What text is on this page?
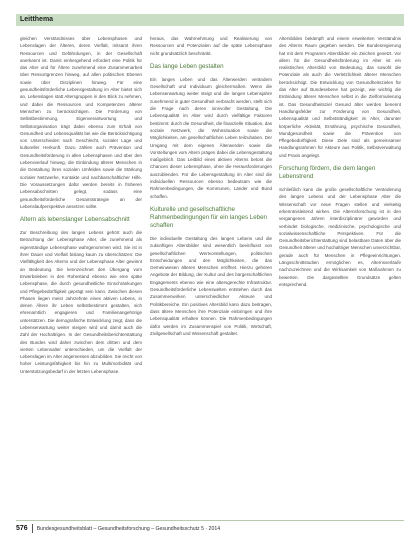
Leitthema

gleichen Verständnisses über Lebensphasen und Lebenslagen der Älteren, deren Vielfalt, mitsamt ihren Ressourcen und Gefährdungen, in der Gesellschaft anerkannt ist. Damit einhergehend erfordert eine Politik für das Alter und für Ältere zunehmend eine Zusammenarbeit über Ressortgrenzen hinweg, auf allen politischen Ebenen sowie über Disziplinen hinweg. Für eine gesundheitsförderliche Lebensgestaltung im Alter bietet sich an, Lebenslagen statt Altersgruppen in den Blick zu nehmen, und dabei die Ressourcen und Kompetenzen älterer Menschen zu berücksichtigen. Die Förderung von Selbstbestimmung, Eigenverantwortung und Selbstorganisation trägt dabei ebenso zum Erhalt von Gesundheit und Lebensqualität bei wie die Berücksichtigung von Unterschieden nach Geschlecht, sozialer Lage und kultureller Herkunft. Dazu zählen auch Prävention und Gesundheitsförderung in allen Lebensphasen und über den Lebensverlauf hinweg, die Einbindung älterer Menschen in die Gestaltung ihres sozialen Umfeldes sowie die Stärkung sozialer Netzwerke, Kontakte und nachbarschaftlicher Hilfe. Die Voraussetzungen dafür werden bereits in früheren Lebensabschnitten gelegt, sodass eine gesundheitsförderliche Gesamtstrategie an der Lebenslaufperspektive ansetzen sollte.

Altern als lebenslanger Lebensabschnitt

Zur Beschreibung des langen Lebens gehört auch die Betrachtung der Lebensphase Alter, die zunehmend als eigenständige Lebensphase wahrgenommen wird. Sie ist in ihrer Dauer und Vielfalt bislang kaum zu überschätzen: Die Vielfältigkeit des Alterns und der Lebensphase Alter gewinnt an Bedeutung. Sie kennzeichnet den Übergang vom Erwerbsleben in den Ruhestand ebenso wie eine späte Lebensphase, die durch gesundheitliche Einschränkungen und Pflegebedürftigkeit geprägt sein kann. Zwischen diesen Phasen liegen meist Jahrzehnte eines aktiven Lebens, in denen Ältere ihr Leben selbstbestimmt gestalten, sich ehrenamtlich engagieren und Familienangehörige unterstützen. Die demografische Entwicklung zeigt, dass die Lebenserwartung weiter steigen wird und damit auch die Zahl der Hochaltrigen. In der Gesundheitsberichterstattung des Bundes wird daher zwischen dem dritten und dem vierten Lebensalter unterschieden, um die Vielfalt der Lebenslagen im Alter angemessen abzubilden. Sie reicht von hoher Leistungsfähigkeit bis hin zu Multimorbidität und Unterstützungsbedarf in der letzten Lebensphase.

heraus, das Wahrnehmung und Realisierung von Ressourcen und Potenzialen auf die späte Lebensphase nicht grundsätzlich beschränkt.

Das lange Leben gestalten

Ein langes Leben und das Älterwerden verändern Gesellschaft und Individuum gleichermaßen. Wenn die Lebenserwartung weiter steigt und die langen Lebensjahre zunehmend in guter Gesundheit verbracht werden, stellt sich die Frage nach deren sinnvoller Gestaltung. Die Lebensqualität im Alter wird durch vielfältige Faktoren bestimmt: durch die Gesundheit, die finanzielle Situation, das soziale Netzwerk, die Wohnsituation sowie die Möglichkeiten, am gesellschaftlichen Leben teilzuhaben. Der Umgang mit dem eigenen Älterwerden sowie die Vorstellungen vom Altern prägen dabei die Lebensgestaltung maßgeblich. Das Leitbild eines aktiven Alterns betont die Chancen dieser Lebensphase, ohne die Herausforderungen auszublenden. Für die Lebensgestaltung im Alter sind die individuellen Ressourcen ebenso bedeutsam wie die Rahmenbedingungen, die Kommunen, Länder und Bund schaffen.

Kulturelle und gesellschaftliche Rahmenbedingungen für ein langes Leben schaffen

Die individuelle Gestaltung des langen Lebens und die zukünftigen Altersbilder sind wesentlich beeinflusst von gesellschaftlichen Wertvorstellungen, politischen Entscheidungen und den Möglichkeiten, die das Gemeinwesen älteren Menschen eröffnet. Hierzu gehören Angebote der Bildung, der Kultur und des bürgerschaftlichen Engagements ebenso wie eine altersgerechte Infrastruktur. Gesundheitsförderliche Lebenswelten entstehen durch das Zusammenwirken unterschiedlicher Akteure und Politikbereiche. Ein positives Altersbild kann dazu beitragen, dass ältere Menschen ihre Potenziale einbringen und ihre Lebensqualität erhalten können. Die Rahmenbedingungen dafür werden im Zusammenspiel von Politik, Wirtschaft, Zivilgesellschaft und Wissenschaft gestaltet.

Altersbildes bekämpft und einem erweiterten Verständnis des Alterns Raum gegeben werden. Die Bundesregierung hat mit dem Programm Altersbilder ein Zeichen gesetzt. Vor allem für die Gesundheitsförderung im Alter ist ein realistisches Altersbild von Bedeutung, das sowohl die Potenziale als auch die Verletzlichkeit älterer Menschen berücksichtigt. Die Entwicklung von Gesundheitszielen für das Alter auf Bundesebene hat gezeigt, wie wichtig die Einbindung älterer Menschen selbst in die Zielformulierung ist. Das Gesundheitsziel Gesund älter werden benennt Handlungsfelder zur Förderung von Gesundheit, Lebensqualität und Selbstständigkeit im Alter, darunter körperliche Aktivität, Ernährung, psychische Gesundheit, Mundgesundheit sowie die Prävention von Pflegebedürftigkeit. Diese Ziele sind als gemeinsamer Handlungsrahmen für Akteure aus Politik, Selbstverwaltung und Praxis angelegt.

Forschung fördern, die dem langen Lebenstrend

Schließlich kann die große gesellschaftliche Veränderung des langen Lebens und der Lebensphase Alter die Wissenschaft vor neue Fragen stellen und vielseitig erkenntnisleitend wirken. Die Alternsforschung ist in den vergangenen Jahren interdisziplinärer geworden und verbindet biologische, medizinische, psychologische und sozialwissenschaftliche Perspektiven. Für die Gesundheitsberichterstattung sind belastbare Daten über die Gesundheit älterer und hochaltriger Menschen unverzichtbar, gerade auch für Menschen in Pflegeeinrichtungen. Längsschnittstudien ermöglichen es, Alternsverläufe nachzuzeichnen und die Wirksamkeit von Maßnahmen zu bewerten. Die dargestellten Grundsätze gelten entsprechend.

576 Bundesgesundheitsblatt – Gesundheitsforschung – Gesundheitsschutz 5 · 2014
